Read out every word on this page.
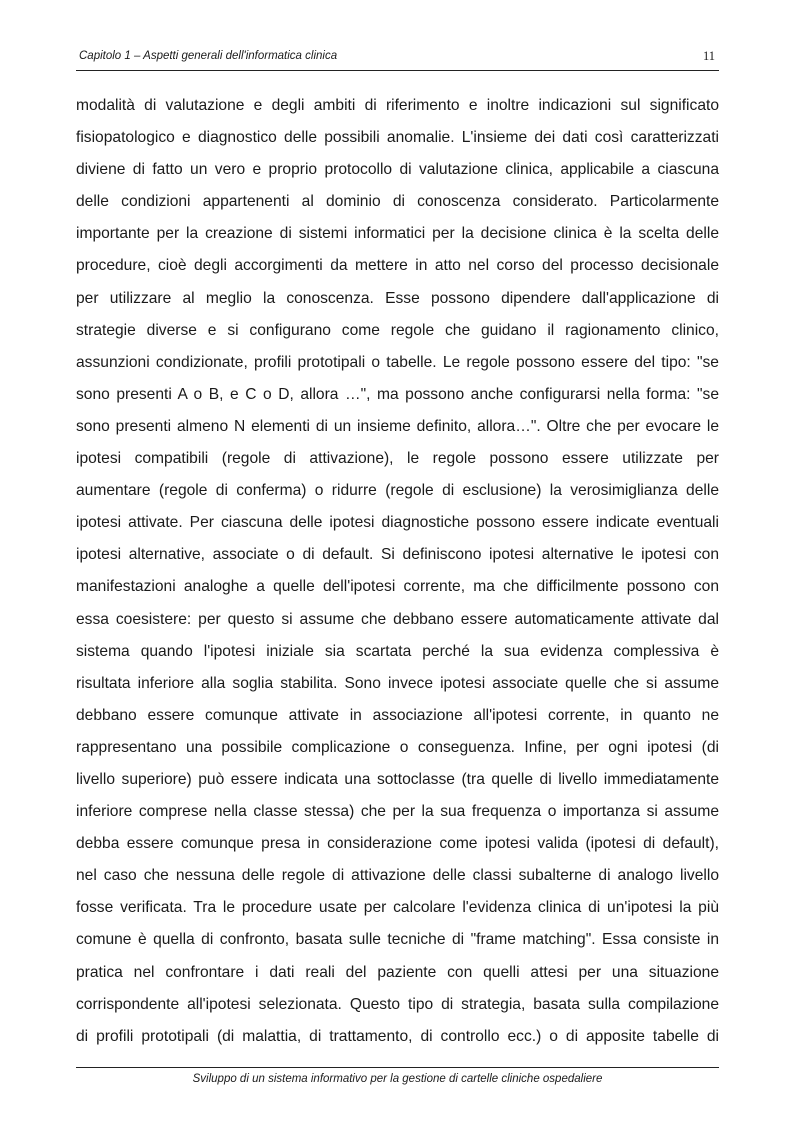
Capitolo 1 – Aspetti generali dell'informatica clinica	11
modalità di valutazione e degli ambiti di riferimento e inoltre indicazioni sul significato
fisiopatologico e diagnostico delle possibili anomalie. L'insieme dei dati così caratterizzati
diviene di fatto un vero e proprio protocollo di valutazione clinica, applicabile a ciascuna
delle condizioni appartenenti al dominio di conoscenza considerato. Particolarmente
importante per la creazione di sistemi informatici per la decisione clinica è la scelta delle
procedure, cioè degli accorgimenti da mettere in atto nel corso del processo decisionale
per utilizzare al meglio la conoscenza. Esse possono dipendere dall'applicazione di
strategie diverse e si configurano come regole che guidano il ragionamento clinico,
assunzioni condizionate, profili prototipali o tabelle. Le regole possono essere del tipo: "se
sono presenti A o B, e C o D, allora …", ma possono anche configurarsi nella forma: "se
sono presenti almeno N elementi di un insieme definito, allora…". Oltre che per evocare le
ipotesi compatibili (regole di attivazione), le regole possono essere utilizzate per
aumentare (regole di conferma) o ridurre (regole di esclusione) la verosimiglianza delle
ipotesi attivate. Per ciascuna delle ipotesi diagnostiche possono essere indicate eventuali
ipotesi alternative, associate o di default. Si definiscono ipotesi alternative le ipotesi con
manifestazioni analoghe a quelle dell'ipotesi corrente, ma che difficilmente possono con
essa coesistere: per questo si assume che debbano essere automaticamente attivate dal
sistema quando l'ipotesi iniziale sia scartata perché la sua evidenza complessiva è
risultata inferiore alla soglia stabilita. Sono invece ipotesi associate quelle che si assume
debbano essere comunque attivate in associazione all'ipotesi corrente, in quanto ne
rappresentano una possibile complicazione o conseguenza. Infine, per ogni ipotesi (di
livello superiore) può essere indicata una sottoclasse (tra quelle di livello immediatamente
inferiore comprese nella classe stessa) che per la sua frequenza o importanza si assume
debba essere comunque presa in considerazione come ipotesi valida (ipotesi di default),
nel caso che nessuna delle regole di attivazione delle classi subalterne di analogo livello
fosse verificata. Tra le procedure usate per calcolare l'evidenza clinica di un'ipotesi la più
comune è quella di confronto, basata sulle tecniche di "frame matching". Essa consiste in
pratica nel confrontare i dati reali del paziente con quelli attesi per una situazione
corrispondente all'ipotesi selezionata. Questo tipo di strategia, basata sulla compilazione
di profili prototipali (di malattia, di trattamento, di controllo ecc.) o di apposite tabelle di
Sviluppo di un sistema informativo per la gestione di cartelle cliniche ospedaliere
